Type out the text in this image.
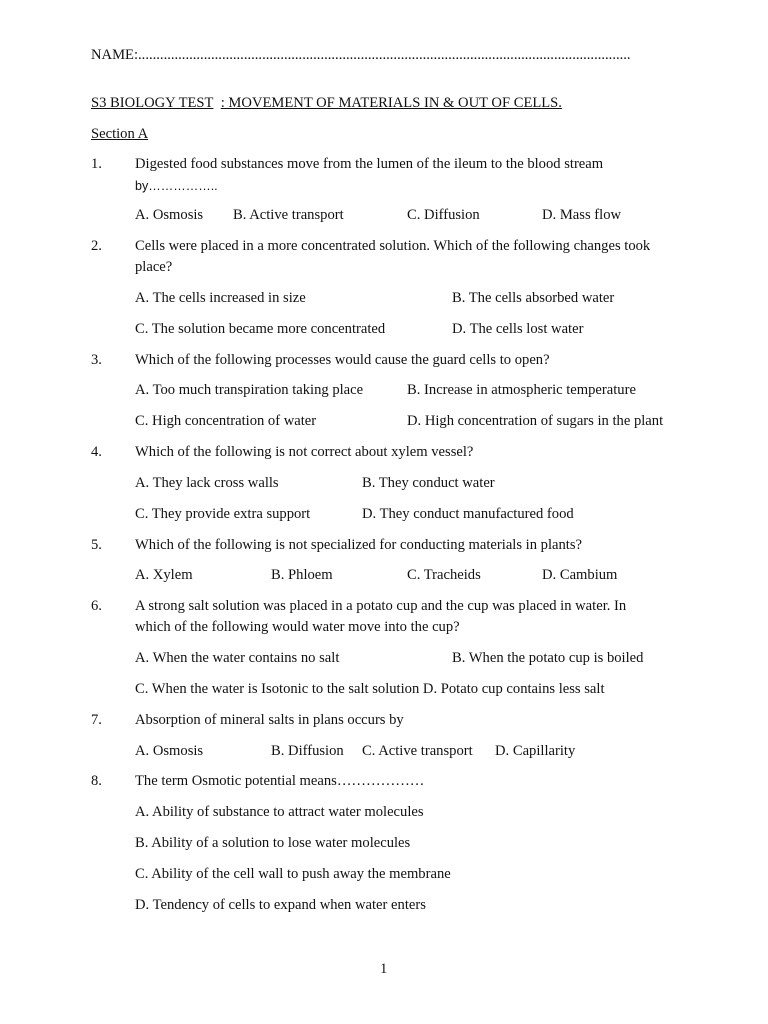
NAME:.......................................................................................................................................
S3 BIOLOGY TEST : MOVEMENT OF MATERIALS IN & OUT OF CELLS.
Section A
1. Digested food substances move from the lumen of the ileum to the blood stream
by……………..
A. Osmosis B. Active transport	C. Diffusion	D. Mass flow
2. Cells were placed in a more concentrated solution. Which of the following changes took
place?
A. The cells increased in size	B. The cells absorbed water
C. The solution became more concentrated	D. The cells lost water
3. Which of the following processes would cause the guard cells to open?
A. Too much transpiration taking place	B. Increase in atmospheric temperature
C. High concentration of water	D. High concentration of sugars in the plant
4. Which of the following is not correct about xylem vessel?
A. They lack cross walls	B. They conduct water
C. They provide extra support	D. They conduct manufactured food
5. Which of the following is not specialized for conducting materials in plants?
A. Xylem	B. Phloem	C. Tracheids	D. Cambium
6. A strong salt solution was placed in a potato cup and the cup was placed in water. In
which of the following would water move into the cup?
A. When the water contains no salt	B. When the potato cup is boiled
C. When the water is Isotonic to the salt solution D. Potato cup contains less salt
7. Absorption of mineral salts in plans occurs by
A. Osmosis	B. Diffusion C. Active transport D. Capillarity
8. The term Osmotic potential means………………
A. Ability of substance to attract water molecules
B. Ability of a solution to lose water molecules
C. Ability of the cell wall to push away the membrane
D. Tendency of cells to expand when water enters
1
